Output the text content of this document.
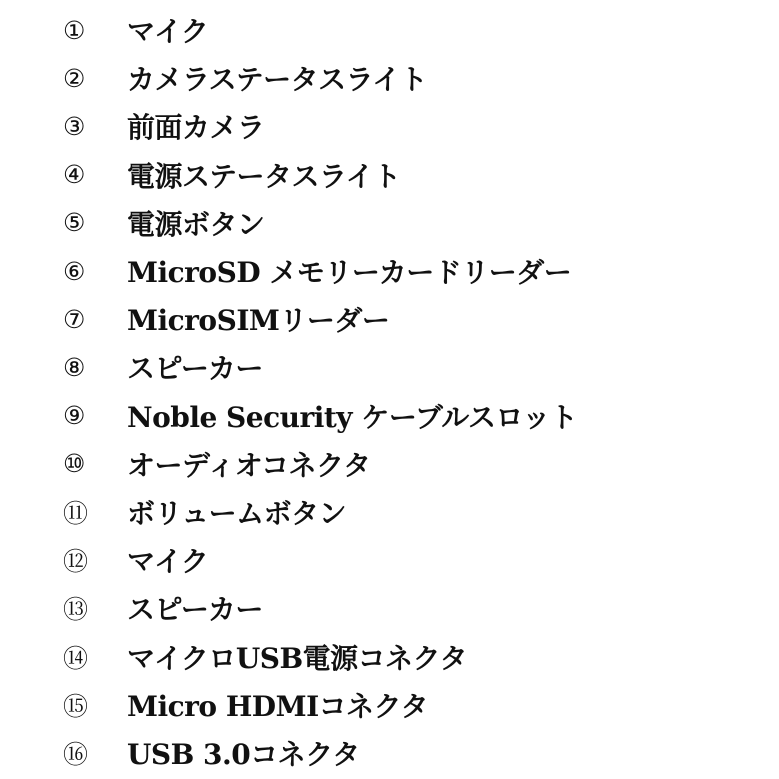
①	マイク
②	カメラステータスライト
③	前面カメラ
④	電源ステータスライト
⑤	電源ボタン
⑥	MicroSD メモリーカードリーダー
⑦	MicroSIMリーダー
⑧	スピーカー
⑨	Noble Security ケーブルスロット
⑩	オーディオコネクタ
⑪	ボリュームボタン
⑫	マイク
⑬	スピーカー
⑭	マイクロUSB電源コネクタ
⑮	Micro HDMIコネクタ
⑯	USB 3.0コネクタ
